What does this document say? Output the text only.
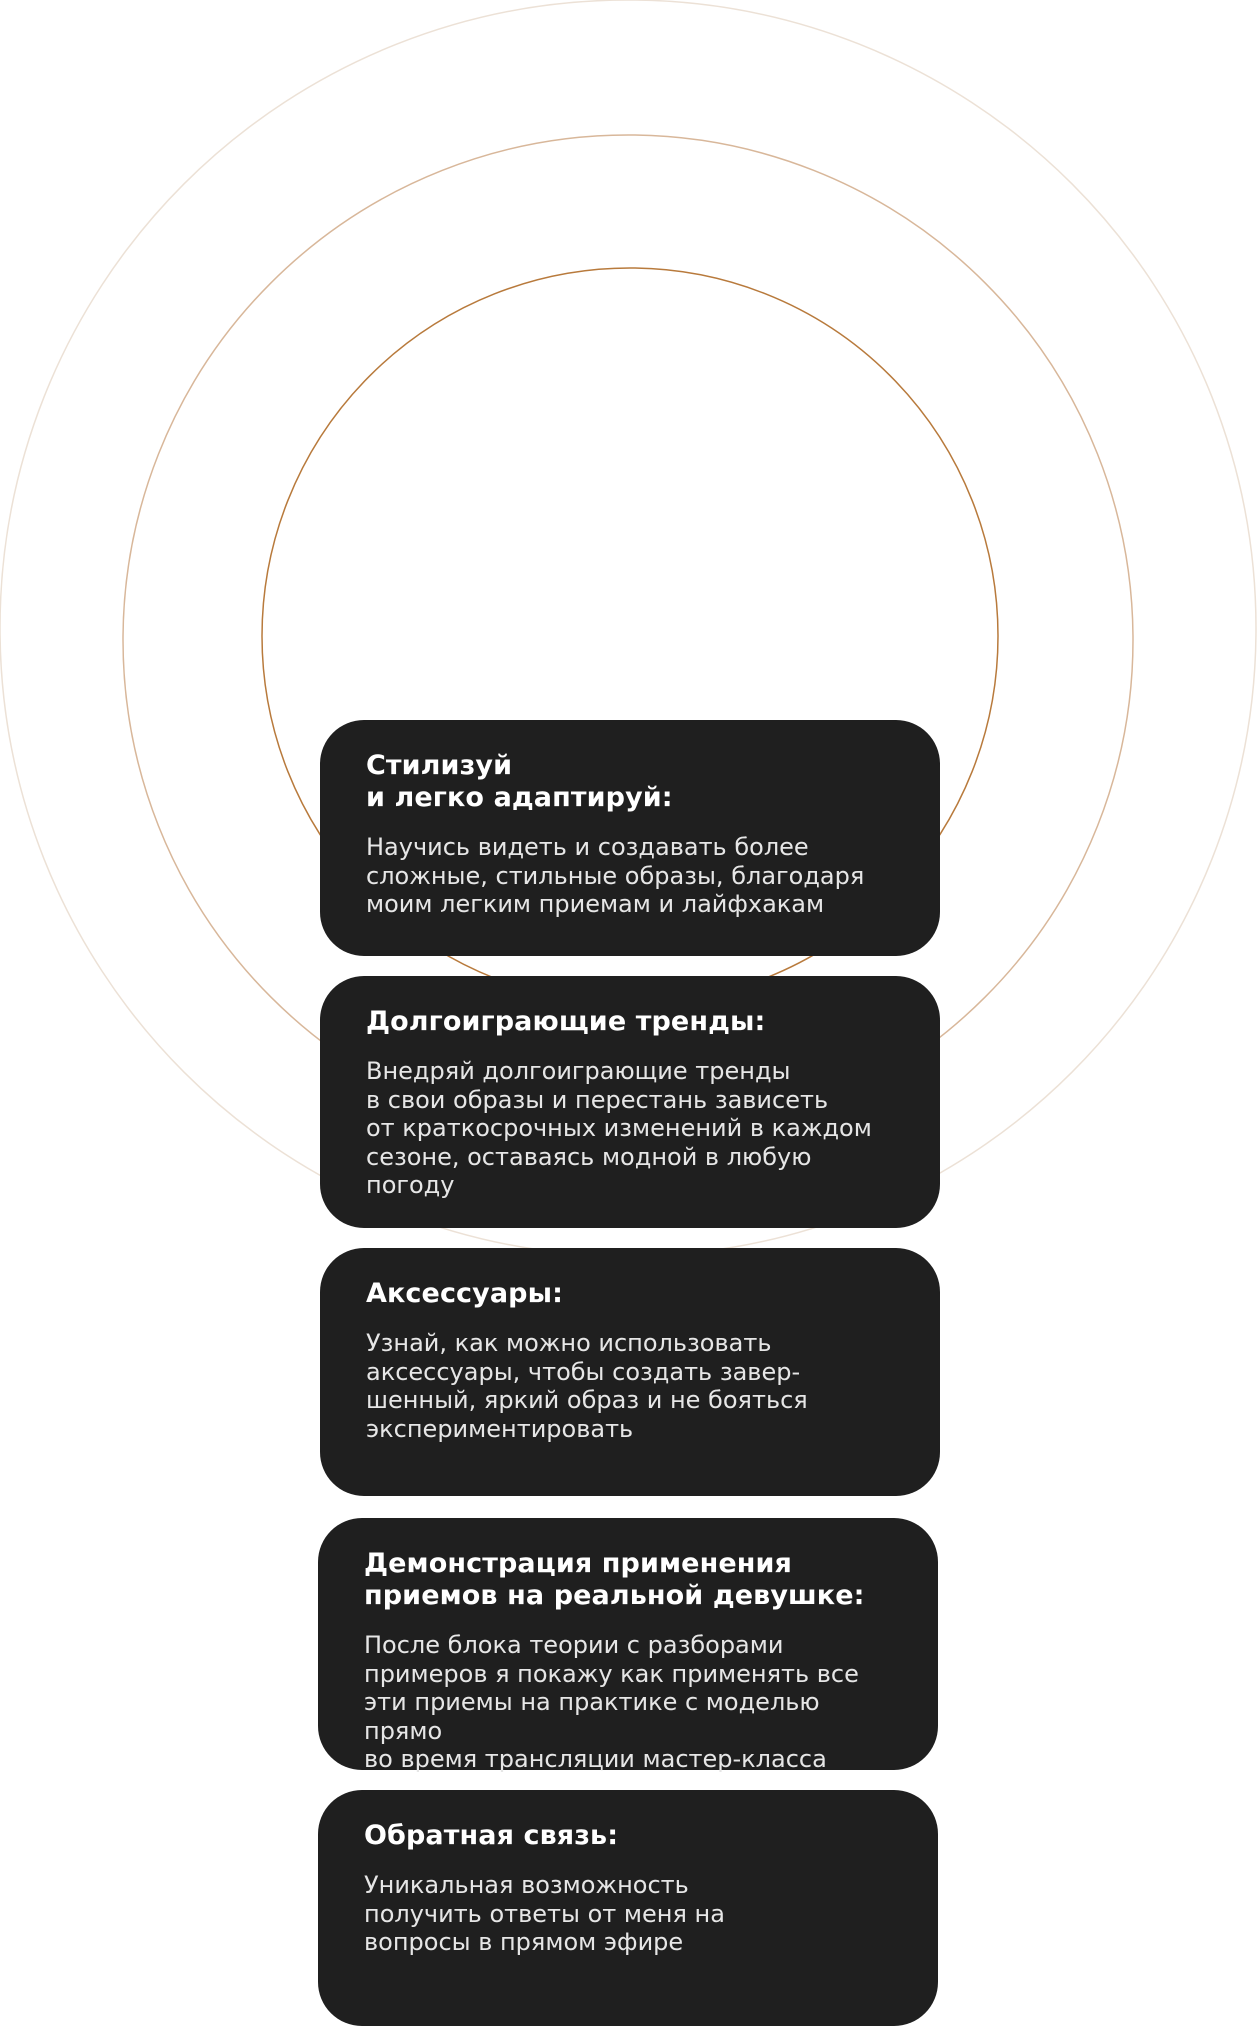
Стилизуй
и легко адаптируй:
Научись видеть и создавать более
сложные, стильные образы, благодаря
моим легким приемам и лайфхакам
Долгоиграющие тренды:
Внедряй долгоиграющие тренды
в свои образы и перестань зависеть
от краткосрочных изменений в каждом
сезоне, оставаясь модной в любую
погоду
Аксессуары:
Узнай, как можно использовать
аксессуары, чтобы создать завер-
шенный, яркий образ и не бояться
экспериментировать
Демонстрация применения
приемов на реальной девушке:
После блока теории с разборами
примеров я покажу как применять все
эти приемы на практике с моделью прямо
во время трансляции мастер-класса
Обратная связь:
Уникальная возможность
получить ответы от меня на
вопросы в прямом эфире
